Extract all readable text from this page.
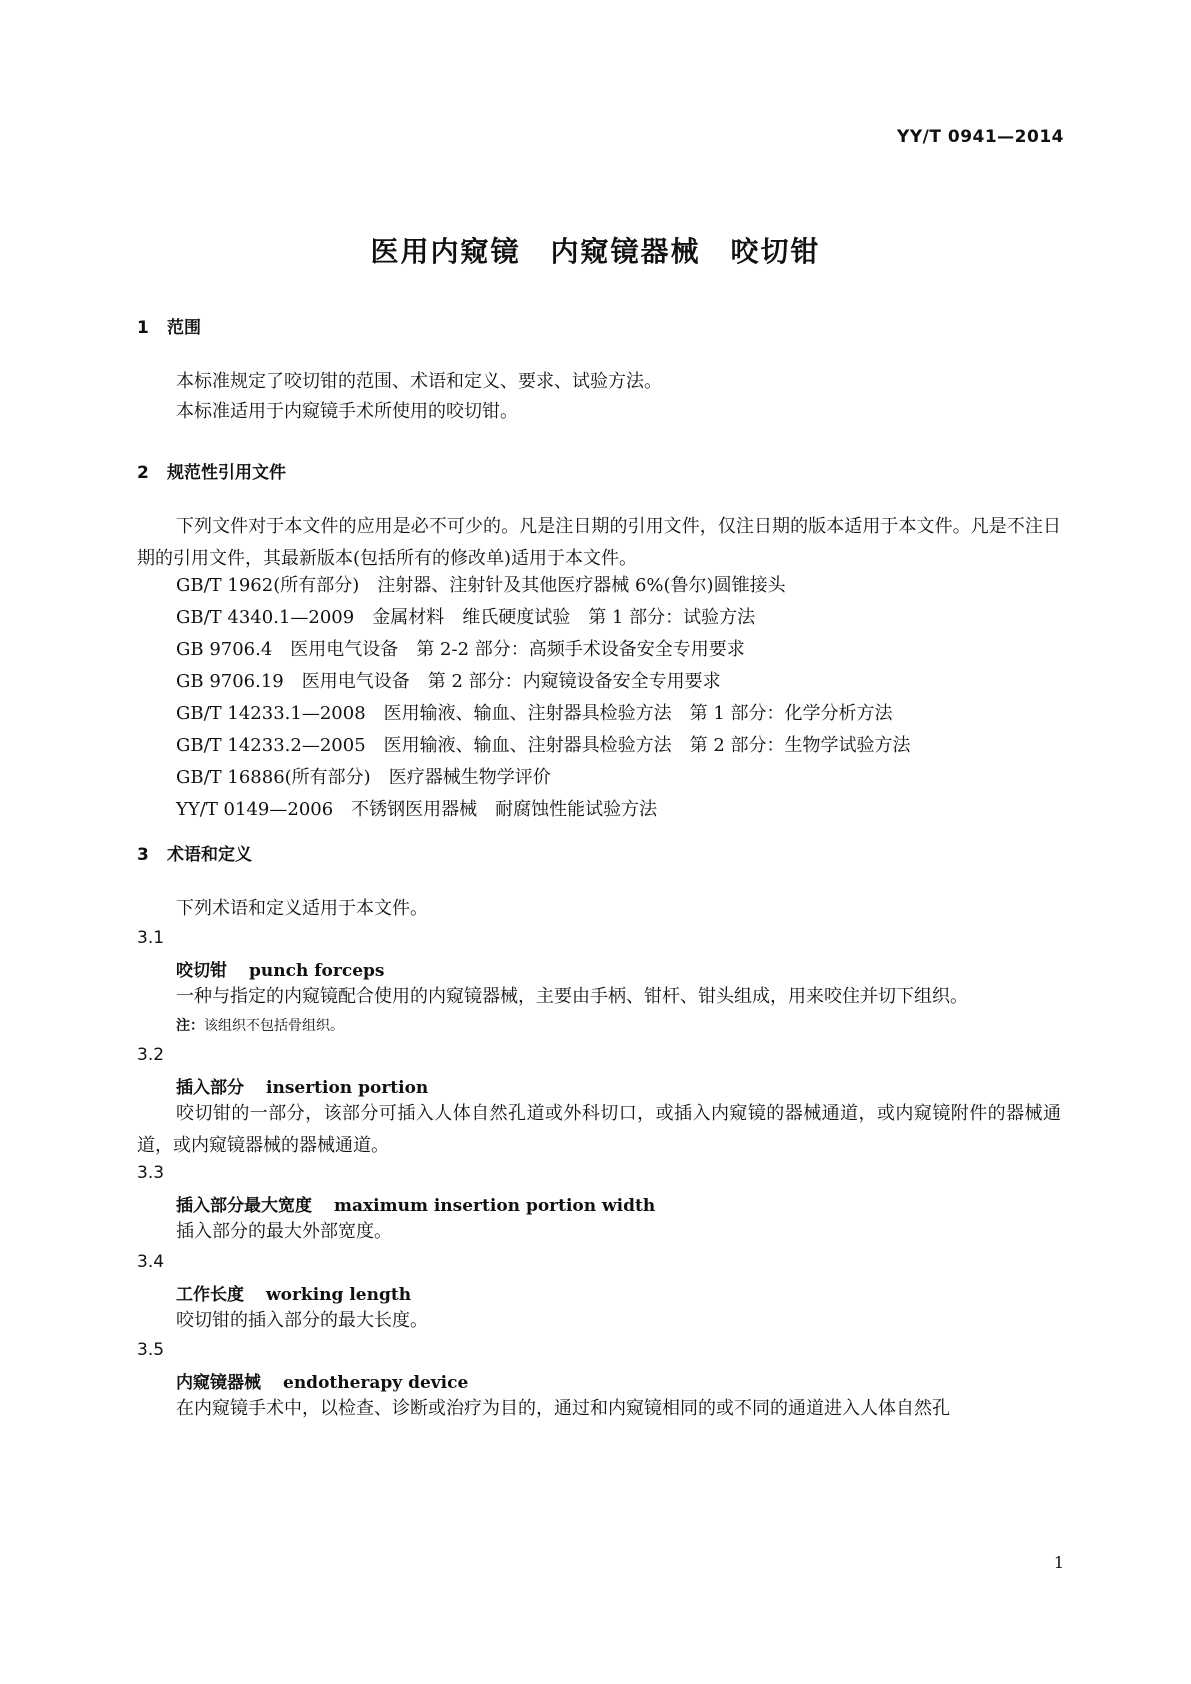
YY/T 0941—2014
医用内窥镜　内窥镜器械　咬切钳
1 范围
本标准规定了咬切钳的范围、术语和定义、要求、试验方法。
本标准适用于内窥镜手术所使用的咬切钳。
2 规范性引用文件
下列文件对于本文件的应用是必不可少的。凡是注日期的引用文件，仅注日期的版本适用于本文件。凡是不注日期的引用文件，其最新版本(包括所有的修改单)适用于本文件。
GB/T 1962(所有部分)　注射器、注射针及其他医疗器械 6%(鲁尔)圆锥接头
GB/T 4340.1—2009　金属材料　维氏硬度试验　第 1 部分：试验方法
GB 9706.4　医用电气设备　第 2-2 部分：高频手术设备安全专用要求
GB 9706.19　医用电气设备　第 2 部分：内窥镜设备安全专用要求
GB/T 14233.1—2008　医用输液、输血、注射器具检验方法　第 1 部分：化学分析方法
GB/T 14233.2—2005　医用输液、输血、注射器具检验方法　第 2 部分：生物学试验方法
GB/T 16886(所有部分)　医疗器械生物学评价
YY/T 0149—2006　不锈钢医用器械　耐腐蚀性能试验方法
3 术语和定义
下列术语和定义适用于本文件。
3.1
咬切钳 punch forceps
一种与指定的内窥镜配合使用的内窥镜器械，主要由手柄、钳杆、钳头组成，用来咬住并切下组织。
注：该组织不包括骨组织。
3.2
插入部分 insertion portion
咬切钳的一部分，该部分可插入人体自然孔道或外科切口，或插入内窥镜的器械通道，或内窥镜附件的器械通道，或内窥镜器械的器械通道。
3.3
插入部分最大宽度 maximum insertion portion width
插入部分的最大外部宽度。
3.4
工作长度 working length
咬切钳的插入部分的最大长度。
3.5
内窥镜器械 endotherapy device
在内窥镜手术中，以检查、诊断或治疗为目的，通过和内窥镜相同的或不同的通道进入人体自然孔
1
